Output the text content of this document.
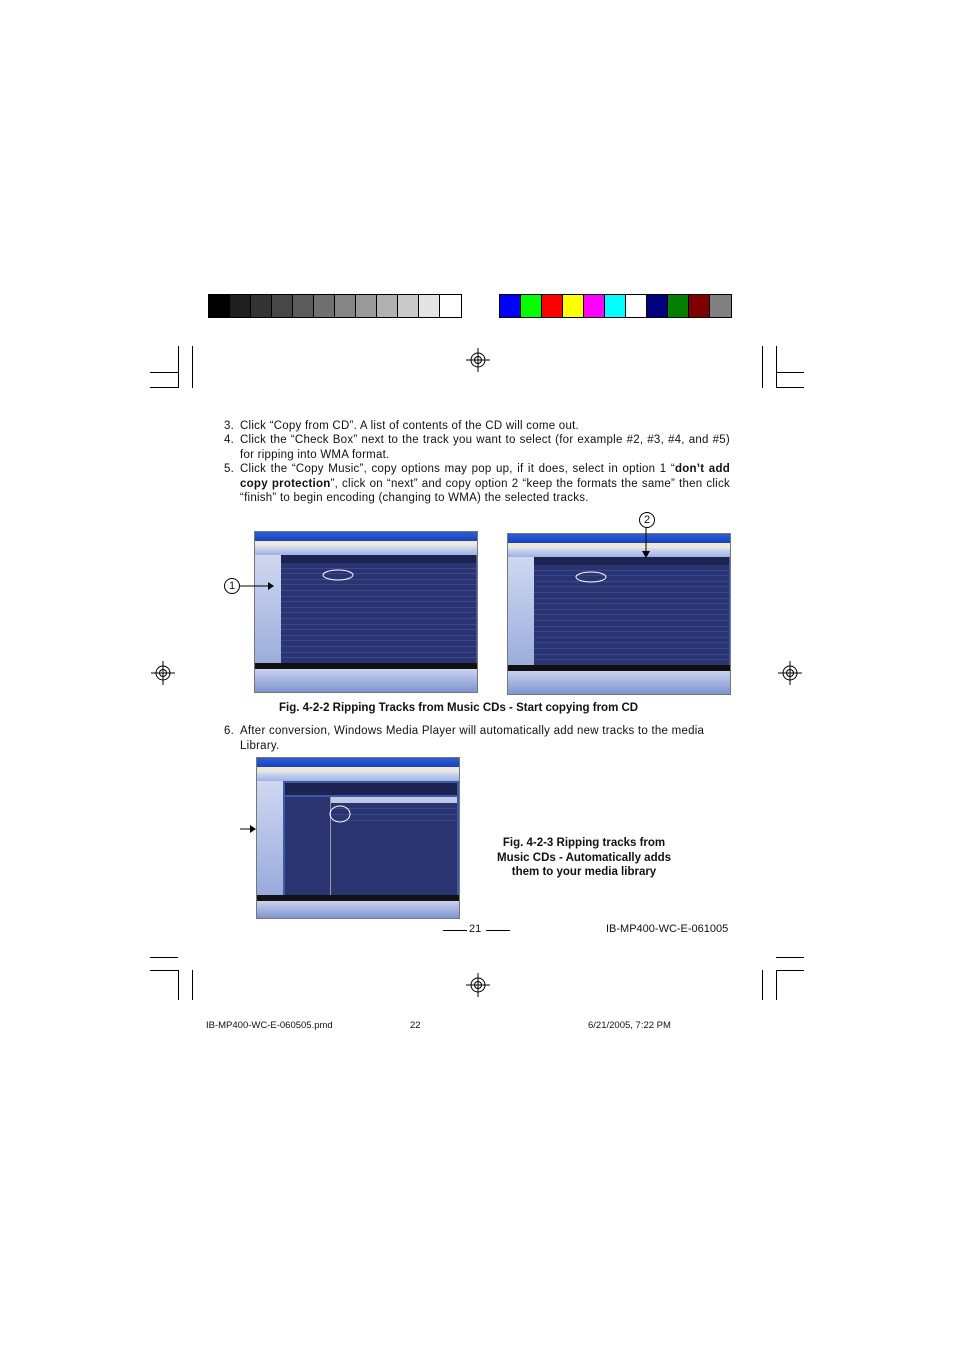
3. Click “Copy from CD”. A list of contents of the CD will come out.
4. Click the “Check Box” next to the track you want to select (for example #2, #3, #4, and #5) for ripping into WMA format.
5. Click the “Copy Music”, copy options may pop up, if it does, select in option 1 “don’t add copy protection”, click on “next” and copy option 2 “keep the formats the same” then click “finish” to begin encoding (changing to WMA) the selected tracks.
1
2
Fig. 4-2-2 Ripping Tracks from Music CDs - Start copying from CD
6. After conversion, Windows Media Player will automatically add new tracks to the media Library.
Fig. 4-2-3 Ripping tracks from
Music CDs - Automatically adds
them to your media library
21	IB-MP400-WC-E-061005
IB-MP400-WC-E-060505.pmd	22	6/21/2005, 7:22 PM
